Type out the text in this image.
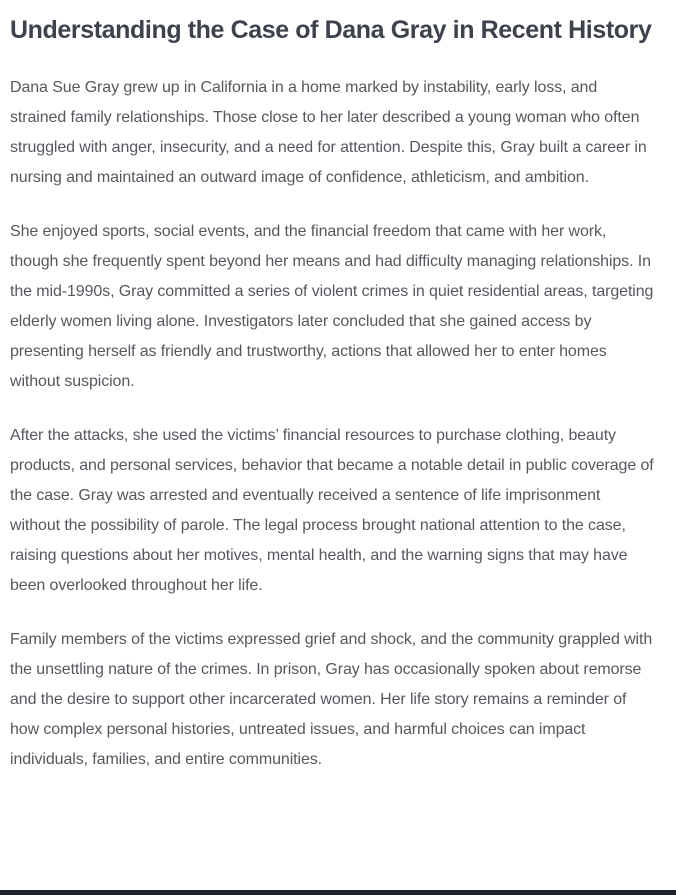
Understanding the Case of Dana Gray in Recent History

Dana Sue Gray grew up in California in a home marked by instability, early loss, and strained family relationships. Those close to her later described a young woman who often struggled with anger, insecurity, and a need for attention. Despite this, Gray built a career in nursing and maintained an outward image of confidence, athleticism, and ambition.

She enjoyed sports, social events, and the financial freedom that came with her work, though she frequently spent beyond her means and had difficulty managing relationships. In the mid-1990s, Gray committed a series of violent crimes in quiet residential areas, targeting elderly women living alone. Investigators later concluded that she gained access by presenting herself as friendly and trustworthy, actions that allowed her to enter homes without suspicion.

After the attacks, she used the victims’ financial resources to purchase clothing, beauty products, and personal services, behavior that became a notable detail in public coverage of the case. Gray was arrested and eventually received a sentence of life imprisonment without the possibility of parole. The legal process brought national attention to the case, raising questions about her motives, mental health, and the warning signs that may have been overlooked throughout her life.

Family members of the victims expressed grief and shock, and the community grappled with the unsettling nature of the crimes. In prison, Gray has occasionally spoken about remorse and the desire to support other incarcerated women. Her life story remains a reminder of how complex personal histories, untreated issues, and harmful choices can impact individuals, families, and entire communities.
